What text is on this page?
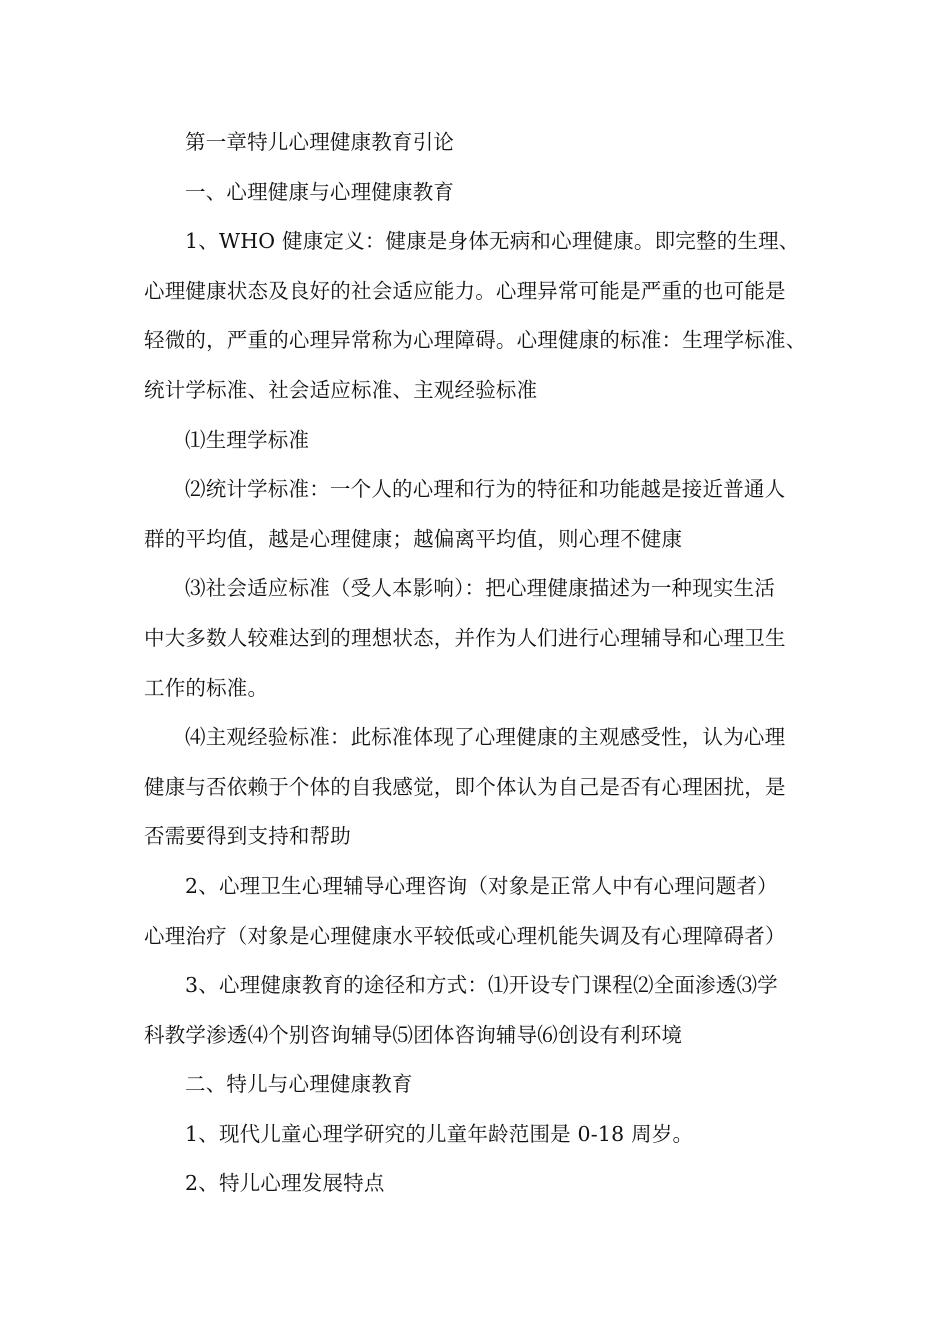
第一章特儿心理健康教育引论
一、心理健康与心理健康教育
1、WHO 健康定义：健康是身体无病和心理健康。即完整的生理、
心理健康状态及良好的社会适应能力。心理异常可能是严重的也可能是
轻微的，严重的心理异常称为心理障碍。心理健康的标准：生理学标准、
统计学标准、社会适应标准、主观经验标准
⑴生理学标准
⑵统计学标准：一个人的心理和行为的特征和功能越是接近普通人
群的平均值，越是心理健康；越偏离平均值，则心理不健康
⑶社会适应标准（受人本影响）：把心理健康描述为一种现实生活
中大多数人较难达到的理想状态，并作为人们进行心理辅导和心理卫生
工作的标准。
⑷主观经验标准：此标准体现了心理健康的主观感受性，认为心理
健康与否依赖于个体的自我感觉，即个体认为自己是否有心理困扰，是
否需要得到支持和帮助
2、心理卫生心理辅导心理咨询（对象是正常人中有心理问题者）
心理治疗（对象是心理健康水平较低或心理机能失调及有心理障碍者）
3、心理健康教育的途径和方式：⑴开设专门课程⑵全面渗透⑶学
科教学渗透⑷个别咨询辅导⑸团体咨询辅导⑹创设有利环境
二、特儿与心理健康教育
1、现代儿童心理学研究的儿童年龄范围是 0-18 周岁。
2、特儿心理发展特点
